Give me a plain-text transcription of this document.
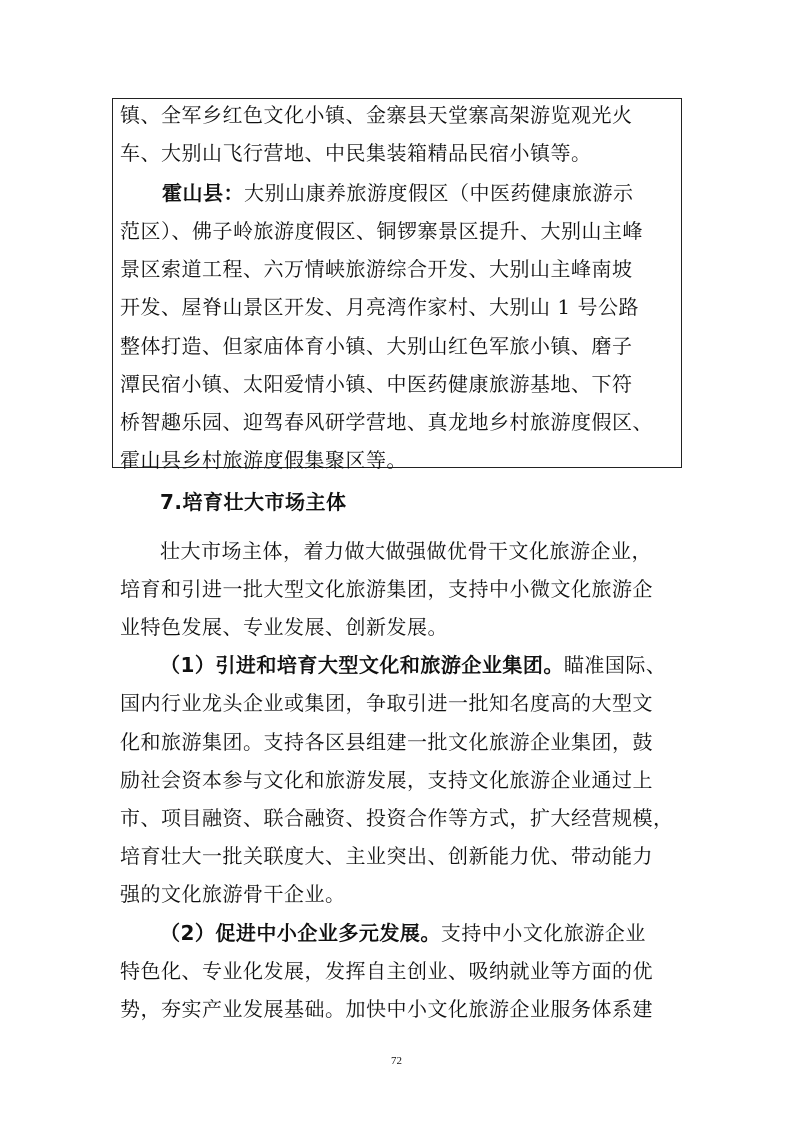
镇、全军乡红色文化小镇、金寨县天堂寨高架游览观光火
车、大别山飞行营地、中民集装箱精品民宿小镇等。
霍山县：大别山康养旅游度假区（中医药健康旅游示
范区）、佛子岭旅游度假区、铜锣寨景区提升、大别山主峰
景区索道工程、六万情峡旅游综合开发、大别山主峰南坡
开发、屋脊山景区开发、月亮湾作家村、大别山 1 号公路
整体打造、但家庙体育小镇、大别山红色军旅小镇、磨子
潭民宿小镇、太阳爱情小镇、中医药健康旅游基地、下符
桥智趣乐园、迎驾春风研学营地、真龙地乡村旅游度假区、
霍山县乡村旅游度假集聚区等。
7.培育壮大市场主体
壮大市场主体，着力做大做强做优骨干文化旅游企业，
培育和引进一批大型文化旅游集团，支持中小微文化旅游企
业特色发展、专业发展、创新发展。
（1）引进和培育大型文化和旅游企业集团。瞄准国际、
国内行业龙头企业或集团，争取引进一批知名度高的大型文
化和旅游集团。支持各区县组建一批文化旅游企业集团，鼓
励社会资本参与文化和旅游发展，支持文化旅游企业通过上
市、项目融资、联合融资、投资合作等方式，扩大经营规模，
培育壮大一批关联度大、主业突出、创新能力优、带动能力
强的文化旅游骨干企业。
（2）促进中小企业多元发展。支持中小文化旅游企业
特色化、专业化发展，发挥自主创业、吸纳就业等方面的优
势，夯实产业发展基础。加快中小文化旅游企业服务体系建
72
